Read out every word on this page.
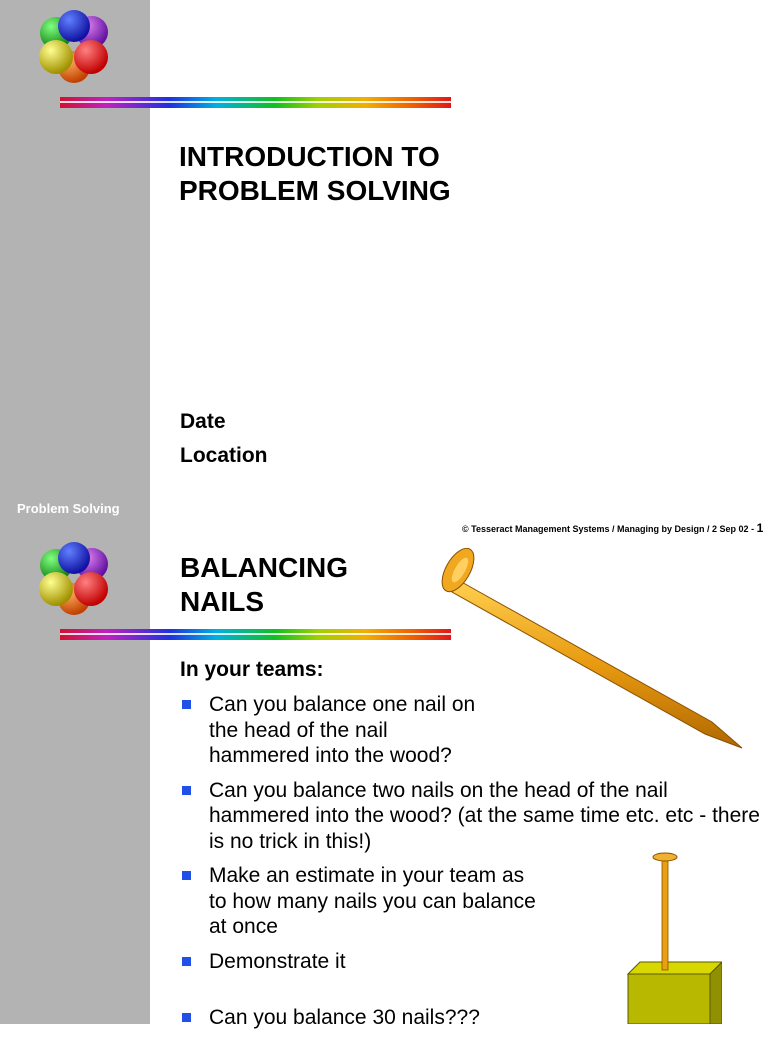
INTRODUCTION TO
PROBLEM SOLVING
Date
Location
Problem Solving
© Tesseract Management Systems / Managing by Design / 2 Sep 02 - 1
BALANCING
NAILS
In your teams:
Can you balance one nail on the head of the nail hammered into the wood?
Can you balance two nails on the head of the nail hammered into the wood? (at the same time etc. etc - there is no trick in this!)
Make an estimate in your team as to how many nails you can balance at once
Demonstrate it
Can you balance 30 nails???
